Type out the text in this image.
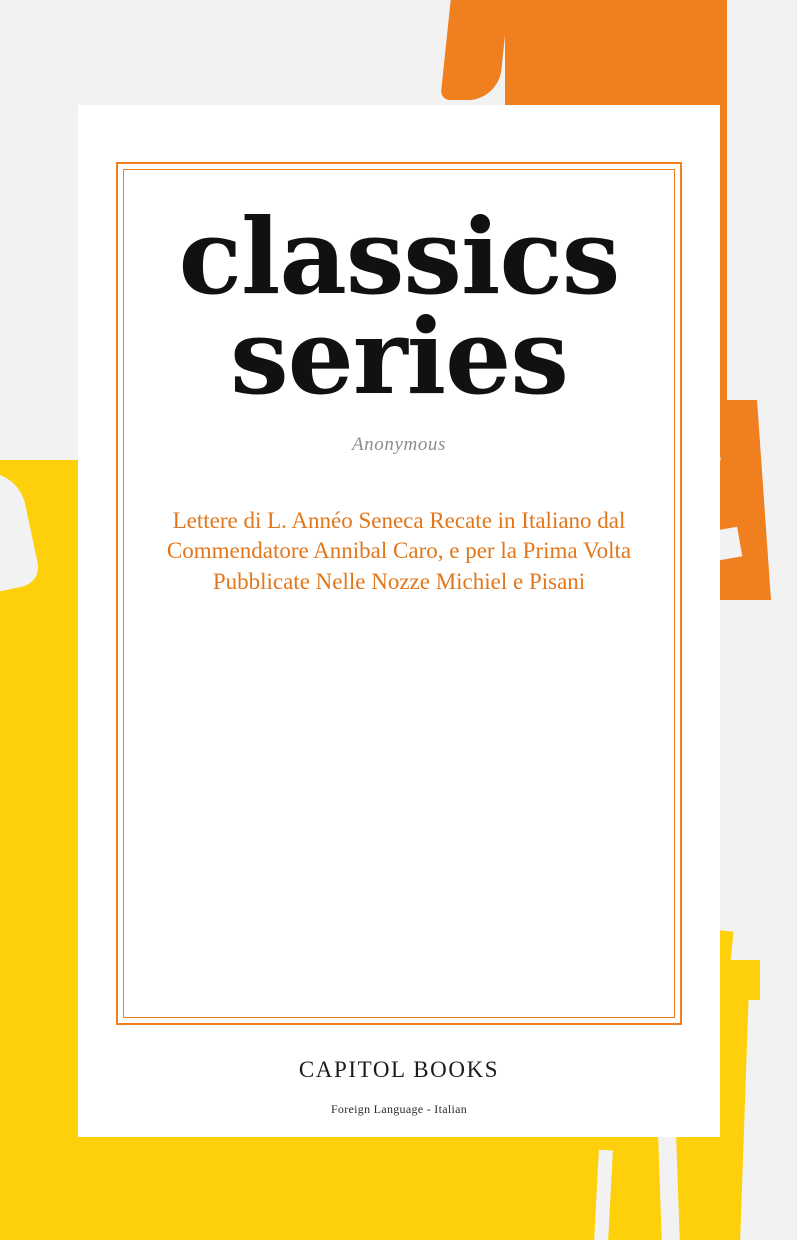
classics
series
Anonymous
Lettere di L. Annéo Seneca Recate in Italiano dal Commendatore Annibal Caro, e per la Prima Volta Pubblicate Nelle Nozze Michiel e Pisani
CAPITOL BOOKS
Foreign Language - Italian
